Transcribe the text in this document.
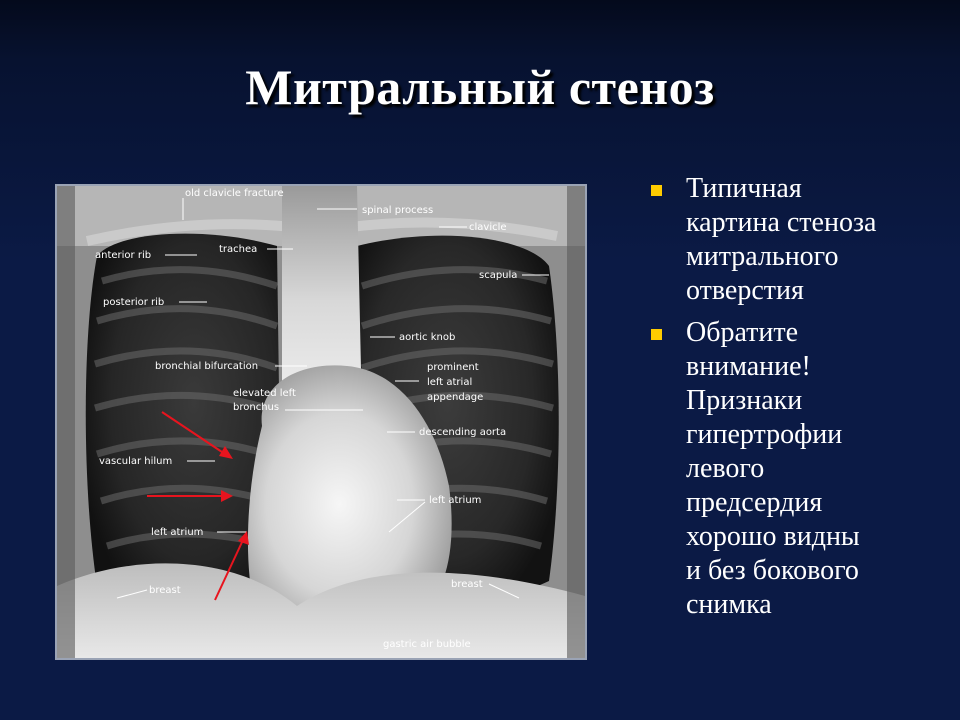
Митральный стеноз
old clavicle fracture
spinal process
clavicle
anterior rib
trachea
scapula
posterior rib
aortic knob
bronchial bifurcation	prominent
left atrial
appendage
elevated left
bronchus
descending aorta
vascular hilum
left atrium
left atrium
breast
breast
gastric air bubble
Типичная
картина стеноза
митрального
отверстия
Обратите
внимание!
Признаки
гипертрофии
левого
предсердия
хорошо видны
и без бокового
снимка
